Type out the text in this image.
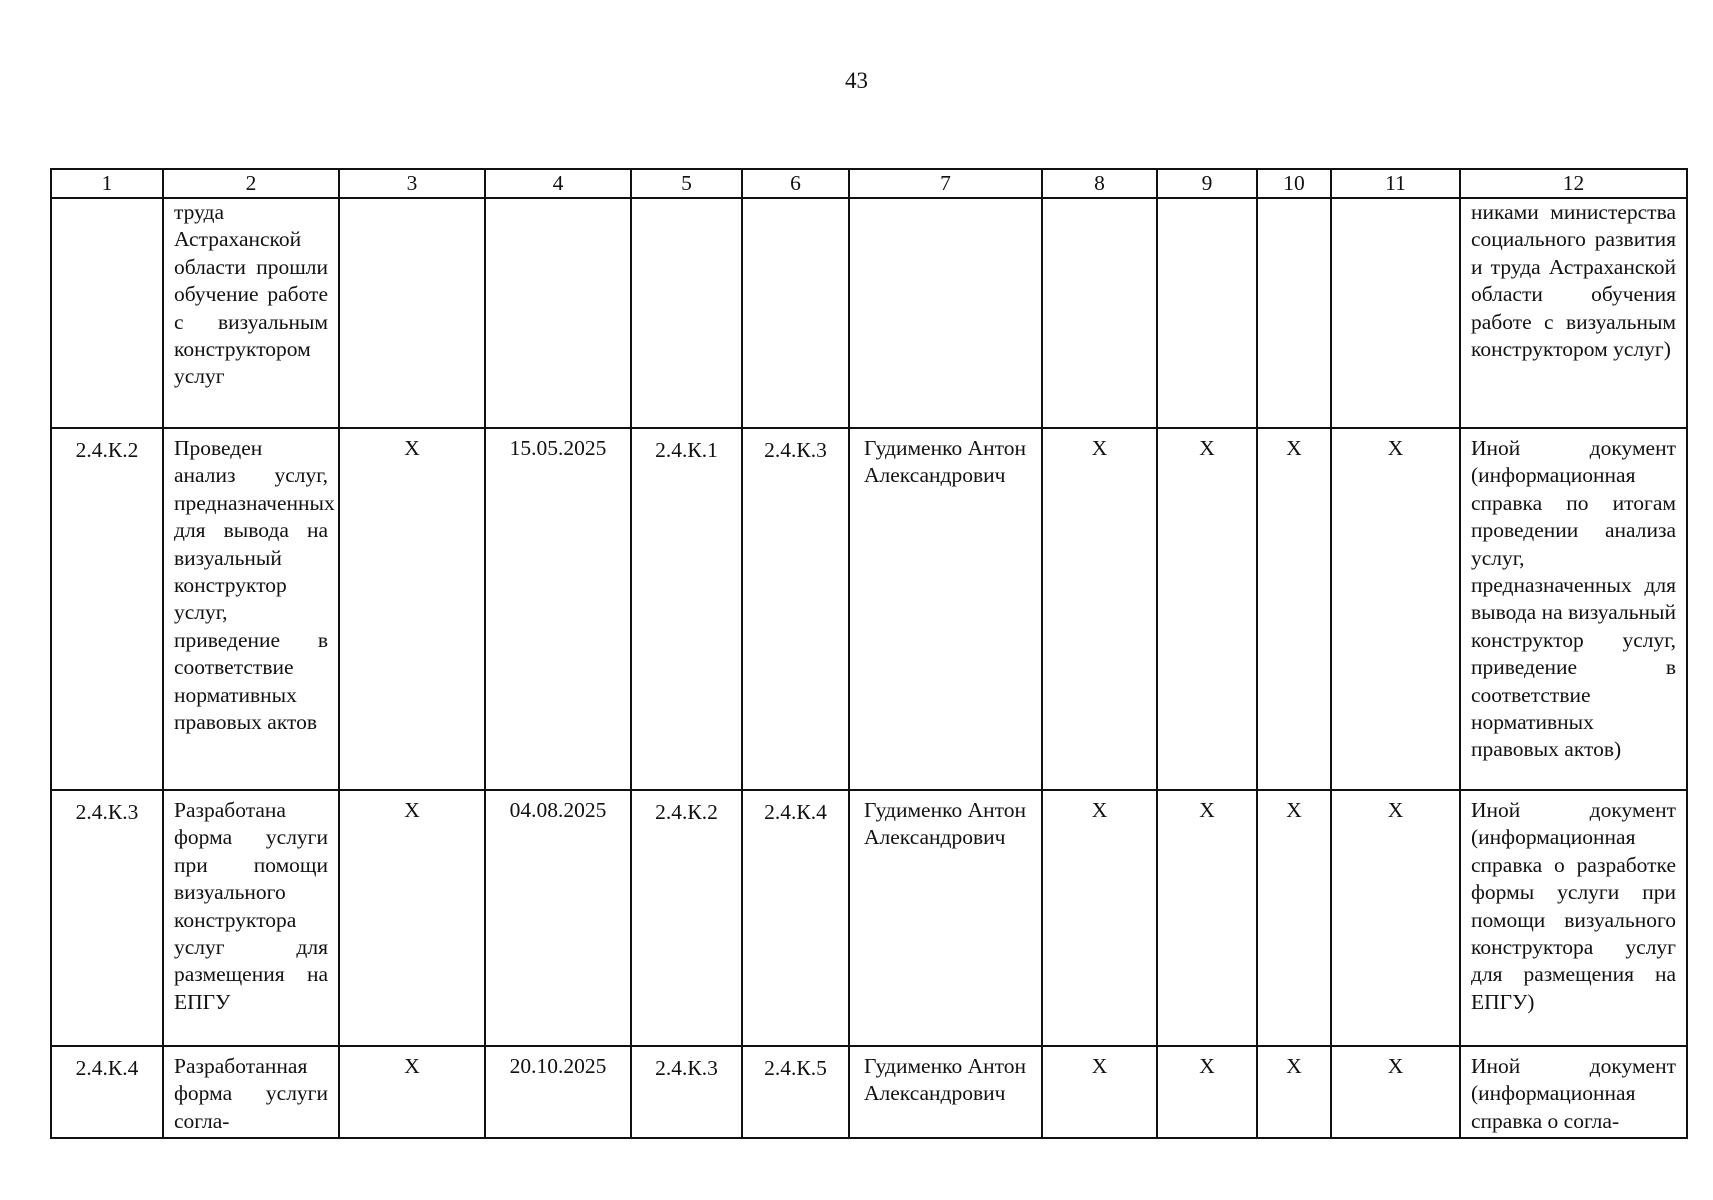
43
1	2	3	4	5	6	7	8	9	10	11	12
	труда Астраханской области прошли обучение работе с визуальным конструктором услуг										никами министерства социального развития и труда Астраханской области обучения работе с визуальным конструктором услуг)
2.4.К.2	Проведен анализ услуг, предназначенных для вывода на визуальный конструктор услуг, приведение в соответствие нормативных правовых актов	X	15.05.2025	2.4.К.1	2.4.К.3	Гудименко Антон Александрович	X	X	X	X	Иной документ (информационная справка по итогам проведении анализа услуг, предназначенных для вывода на визуальный конструктор услуг, приведение в соответствие нормативных правовых актов)
2.4.К.3	Разработана форма услуги при помощи визуального конструктора услуг для размещения на ЕПГУ	X	04.08.2025	2.4.К.2	2.4.К.4	Гудименко Антон Александрович	X	X	X	X	Иной документ (информационная справка о разработке формы услуги при помощи визуального конструктора услуг для размещения на ЕПГУ)
2.4.К.4	Разработанная форма услуги согла-	X	20.10.2025	2.4.К.3	2.4.К.5	Гудименко Антон Александрович	X	X	X	X	Иной документ (информационная справка о согла-
